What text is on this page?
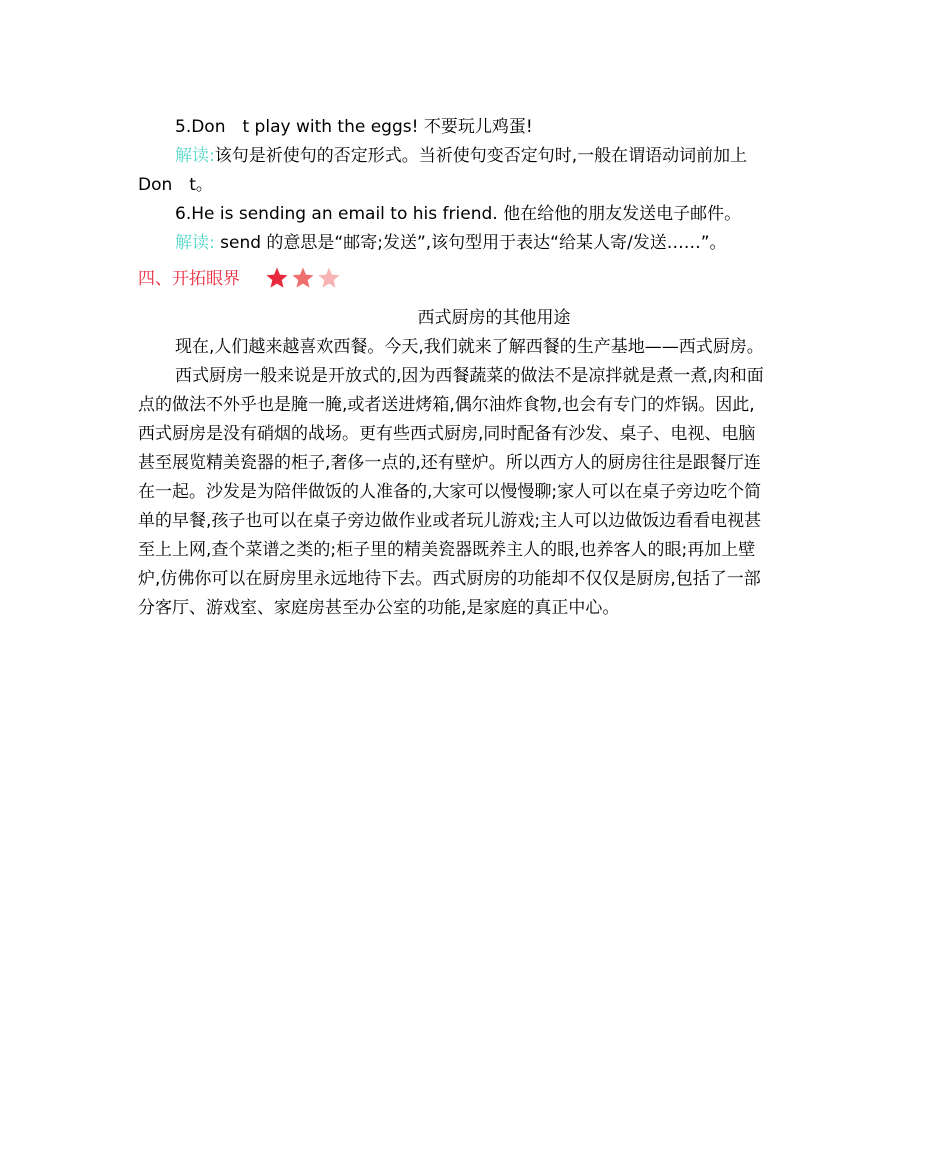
5.Don　t play with the eggs! 不要玩儿鸡蛋!
解读:该句是祈使句的否定形式。当祈使句变否定句时,一般在谓语动词前加上
Don　t。
6.He is sending an email to his friend. 他在给他的朋友发送电子邮件。
解读: send 的意思是“邮寄;发送”,该句型用于表达“给某人寄/发送……”。
四、开拓眼界
西式厨房的其他用途
现在,人们越来越喜欢西餐。今天,我们就来了解西餐的生产基地——西式厨房。
西式厨房一般来说是开放式的,因为西餐蔬菜的做法不是凉拌就是煮一煮,肉和面
点的做法不外乎也是腌一腌,或者送进烤箱,偶尔油炸食物,也会有专门的炸锅。因此,
西式厨房是没有硝烟的战场。更有些西式厨房,同时配备有沙发、桌子、电视、电脑
甚至展览精美瓷器的柜子,奢侈一点的,还有壁炉。所以西方人的厨房往往是跟餐厅连
在一起。沙发是为陪伴做饭的人准备的,大家可以慢慢聊;家人可以在桌子旁边吃个简
单的早餐,孩子也可以在桌子旁边做作业或者玩儿游戏;主人可以边做饭边看看电视甚
至上上网,查个菜谱之类的;柜子里的精美瓷器既养主人的眼,也养客人的眼;再加上壁
炉,仿佛你可以在厨房里永远地待下去。西式厨房的功能却不仅仅是厨房,包括了一部
分客厅、游戏室、家庭房甚至办公室的功能,是家庭的真正中心。
